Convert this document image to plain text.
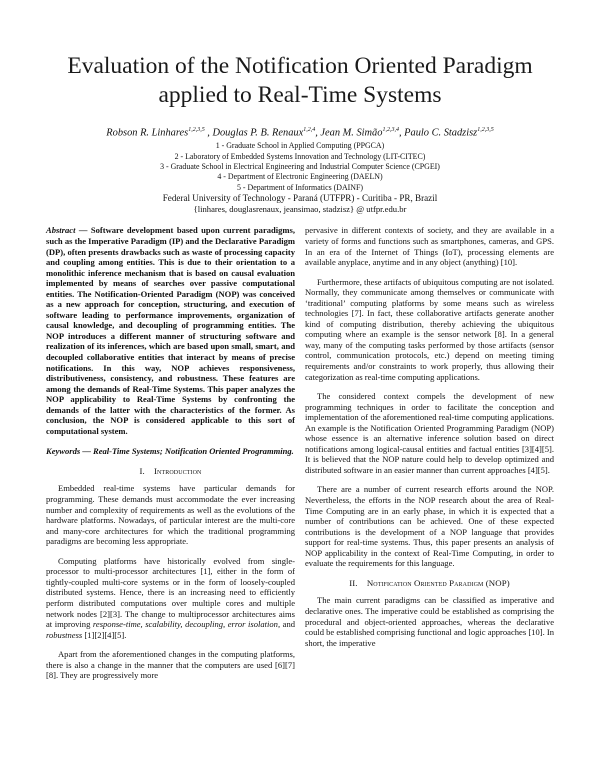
Evaluation of the Notification Oriented Paradigm
applied to Real-Time Systems
Robson R. Linhares$^{1,2,3,5}$ , Douglas P. B. Renaux$^{1,2,4}$, Jean M. Simão$^{1,2,3,4}$, Paulo C. Stadzisz$^{1,2,3,5}$
1 - Graduate School in Applied Computing (PPGCA)
2 - Laboratory of Embedded Systems Innovation and Technology (LIT-CITEC)
3 - Graduate School in Electrical Engineering and Industrial Computer Science (CPGEI)
4 - Department of Electronic Engineering (DAELN)
5 - Department of Informatics (DAINF)
Federal University of Technology - Paraná (UTFPR) - Curitiba - PR, Brazil
{linhares, douglasrenaux, jeansimao, stadzisz} @ utfpr.edu.br

Abstract — Software development based upon current paradigms, such as the Imperative Paradigm (IP) and the Declarative Paradigm (DP), often presents drawbacks such as waste of processing capacity and coupling among entities. This is due to their orientation to a monolithic inference mechanism that is based on causal evaluation implemented by means of searches over passive computational entities. The Notification-Oriented Paradigm (NOP) was conceived as a new approach for conception, structuring, and execution of software leading to performance improvements, organization of causal knowledge, and decoupling of programming entities. The NOP introduces a different manner of structuring software and realization of its inferences, which are based upon small, smart, and decoupled collaborative entities that interact by means of precise notifications. In this way, NOP achieves responsiveness, distributiveness, consistency, and robustness. These features are among the demands of Real-Time Systems. This paper analyzes the NOP applicability to Real-Time Systems by confronting the demands of the latter with the characteristics of the former. As conclusion, the NOP is considered applicable to this sort of computational system.

Keywords — Real-Time Systems; Notification Oriented Programming.

I. Introduction

Embedded real-time systems have particular demands for programming. These demands must accommodate the ever increasing number and complexity of requirements as well as the evolutions of the hardware platforms. Nowadays, of particular interest are the multi-core and many-core architectures for which the traditional programming paradigms are becoming less appropriate.

Computing platforms have historically evolved from single-processor to multi-processor architectures [1], either in the form of tightly-coupled multi-core systems or in the form of loosely-coupled distributed systems. Hence, there is an increasing need to efficiently perform distributed computations over multiple cores and multiple network nodes [2][3]. The change to multiprocessor architectures aims at improving response-time, scalability, decoupling, error isolation, and robustness [1][2][4][5].

Apart from the aforementioned changes in the computing platforms, there is also a change in the manner that the computers are used [6][7][8]. They are progressively more

pervasive in different contexts of society, and they are available in a variety of forms and functions such as smartphones, cameras, and GPS. In an era of the Internet of Things (IoT), processing elements are available anyplace, anytime and in any object (anything) [10].

Furthermore, these artifacts of ubiquitous computing are not isolated. Normally, they communicate among themselves or communicate with ‘traditional’ computing platforms by some means such as wireless technologies [7]. In fact, these collaborative artifacts generate another kind of computing distribution, thereby achieving the ubiquitous computing where an example is the sensor network [8]. In a general way, many of the computing tasks performed by those artifacts (sensor control, communication protocols, etc.) depend on meeting timing requirements and/or constraints to work properly, thus allowing their categorization as real-time computing applications.

The considered context compels the development of new programming techniques in order to facilitate the conception and implementation of the aforementioned real-time computing applications. An example is the Notification Oriented Programming Paradigm (NOP) whose essence is an alternative inference solution based on direct notifications among logical-causal entities and factual entities [3][4][5]. It is believed that the NOP nature could help to develop optimized and distributed software in an easier manner than current approaches [4][5].

There are a number of current research efforts around the NOP. Nevertheless, the efforts in the NOP research about the area of Real-Time Computing are in an early phase, in which it is expected that a number of contributions can be achieved. One of these expected contributions is the development of a NOP language that provides support for real-time systems. Thus, this paper presents an analysis of NOP applicability in the context of Real-Time Computing, in order to evaluate the requirements for this language.

II. Notification Oriented Paradigm (NOP)

The main current paradigms can be classified as imperative and declarative ones. The imperative could be established as comprising the procedural and object-oriented approaches, whereas the declarative could be established comprising functional and logic approaches [10]. In short, the imperative
